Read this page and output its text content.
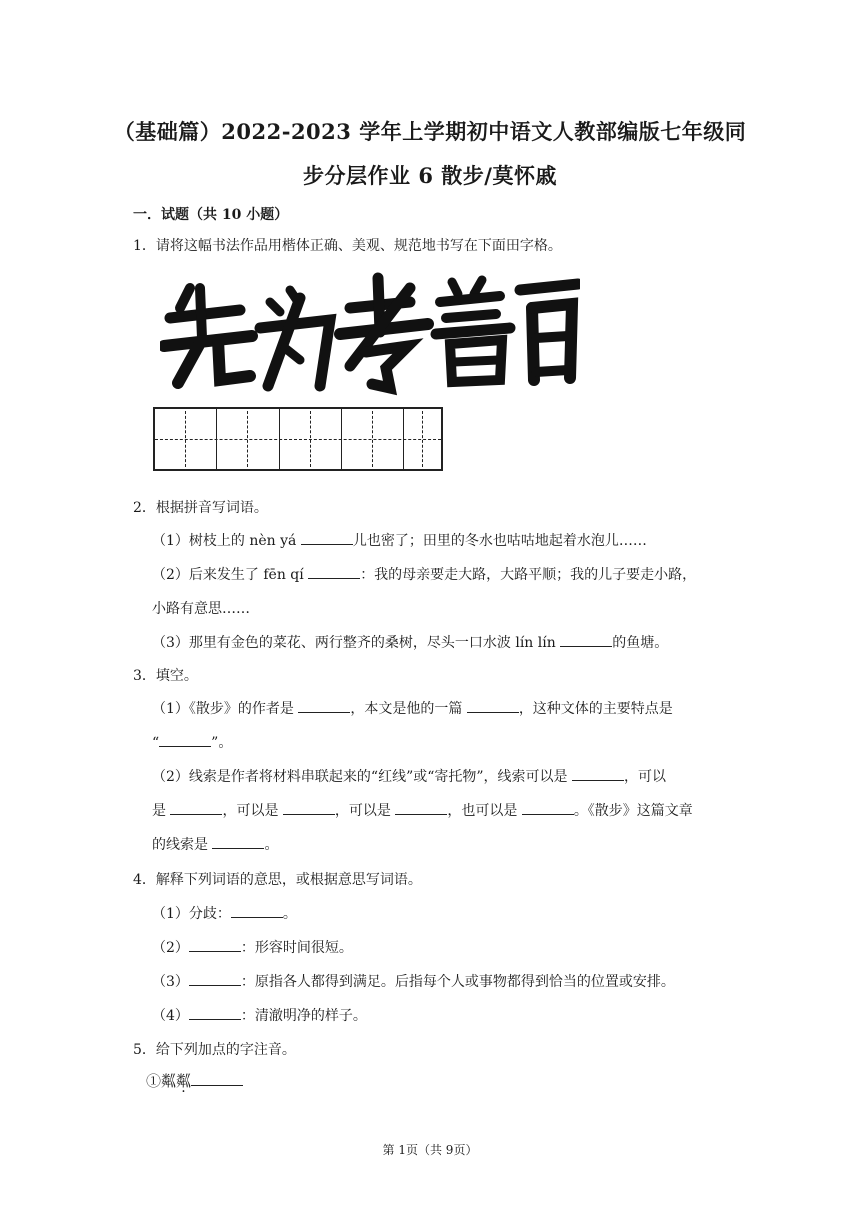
（基础篇）2022-2023 学年上学期初中语文人教部编版七年级同
步分层作业 6 散步/莫怀戚
一．试题（共 10 小题）
1．请将这幅书法作品用楷体正确、美观、规范地书写在下面田字格。
2．根据拼音写词语。
（1）树枝上的 nèn yá	儿也密了；田里的冬水也咕咕地起着水泡儿……
（2）后来发生了 fēn qí	：我的母亲要走大路，大路平顺；我的儿子要走小路，
小路有意思……
（3）那里有金色的菜花、两行整齐的桑树，尽头一口水波 lín lín	的鱼塘。
3．填空。
（1）《散步》的作者是	，本文是他的一篇	，这种文体的主要特点是
“	”。
（2）线索是作者将材料串联起来的“红线”或“寄托物”，线索可以是	，可以
是	，可以是	，可以是	，也可以是	。《散步》这篇文章
的线索是	。
4．解释下列词语的意思，或根据意思写词语。
（1）分歧：	。
（2）	：形容时间很短。
（3）	：原指各人都得到满足。后指每个人或事物都得到恰当的位置或安排。
（4）	：清澈明净的样子。
5．给下列加点的字注音。
①粼粼
第 1页（共 9页）
